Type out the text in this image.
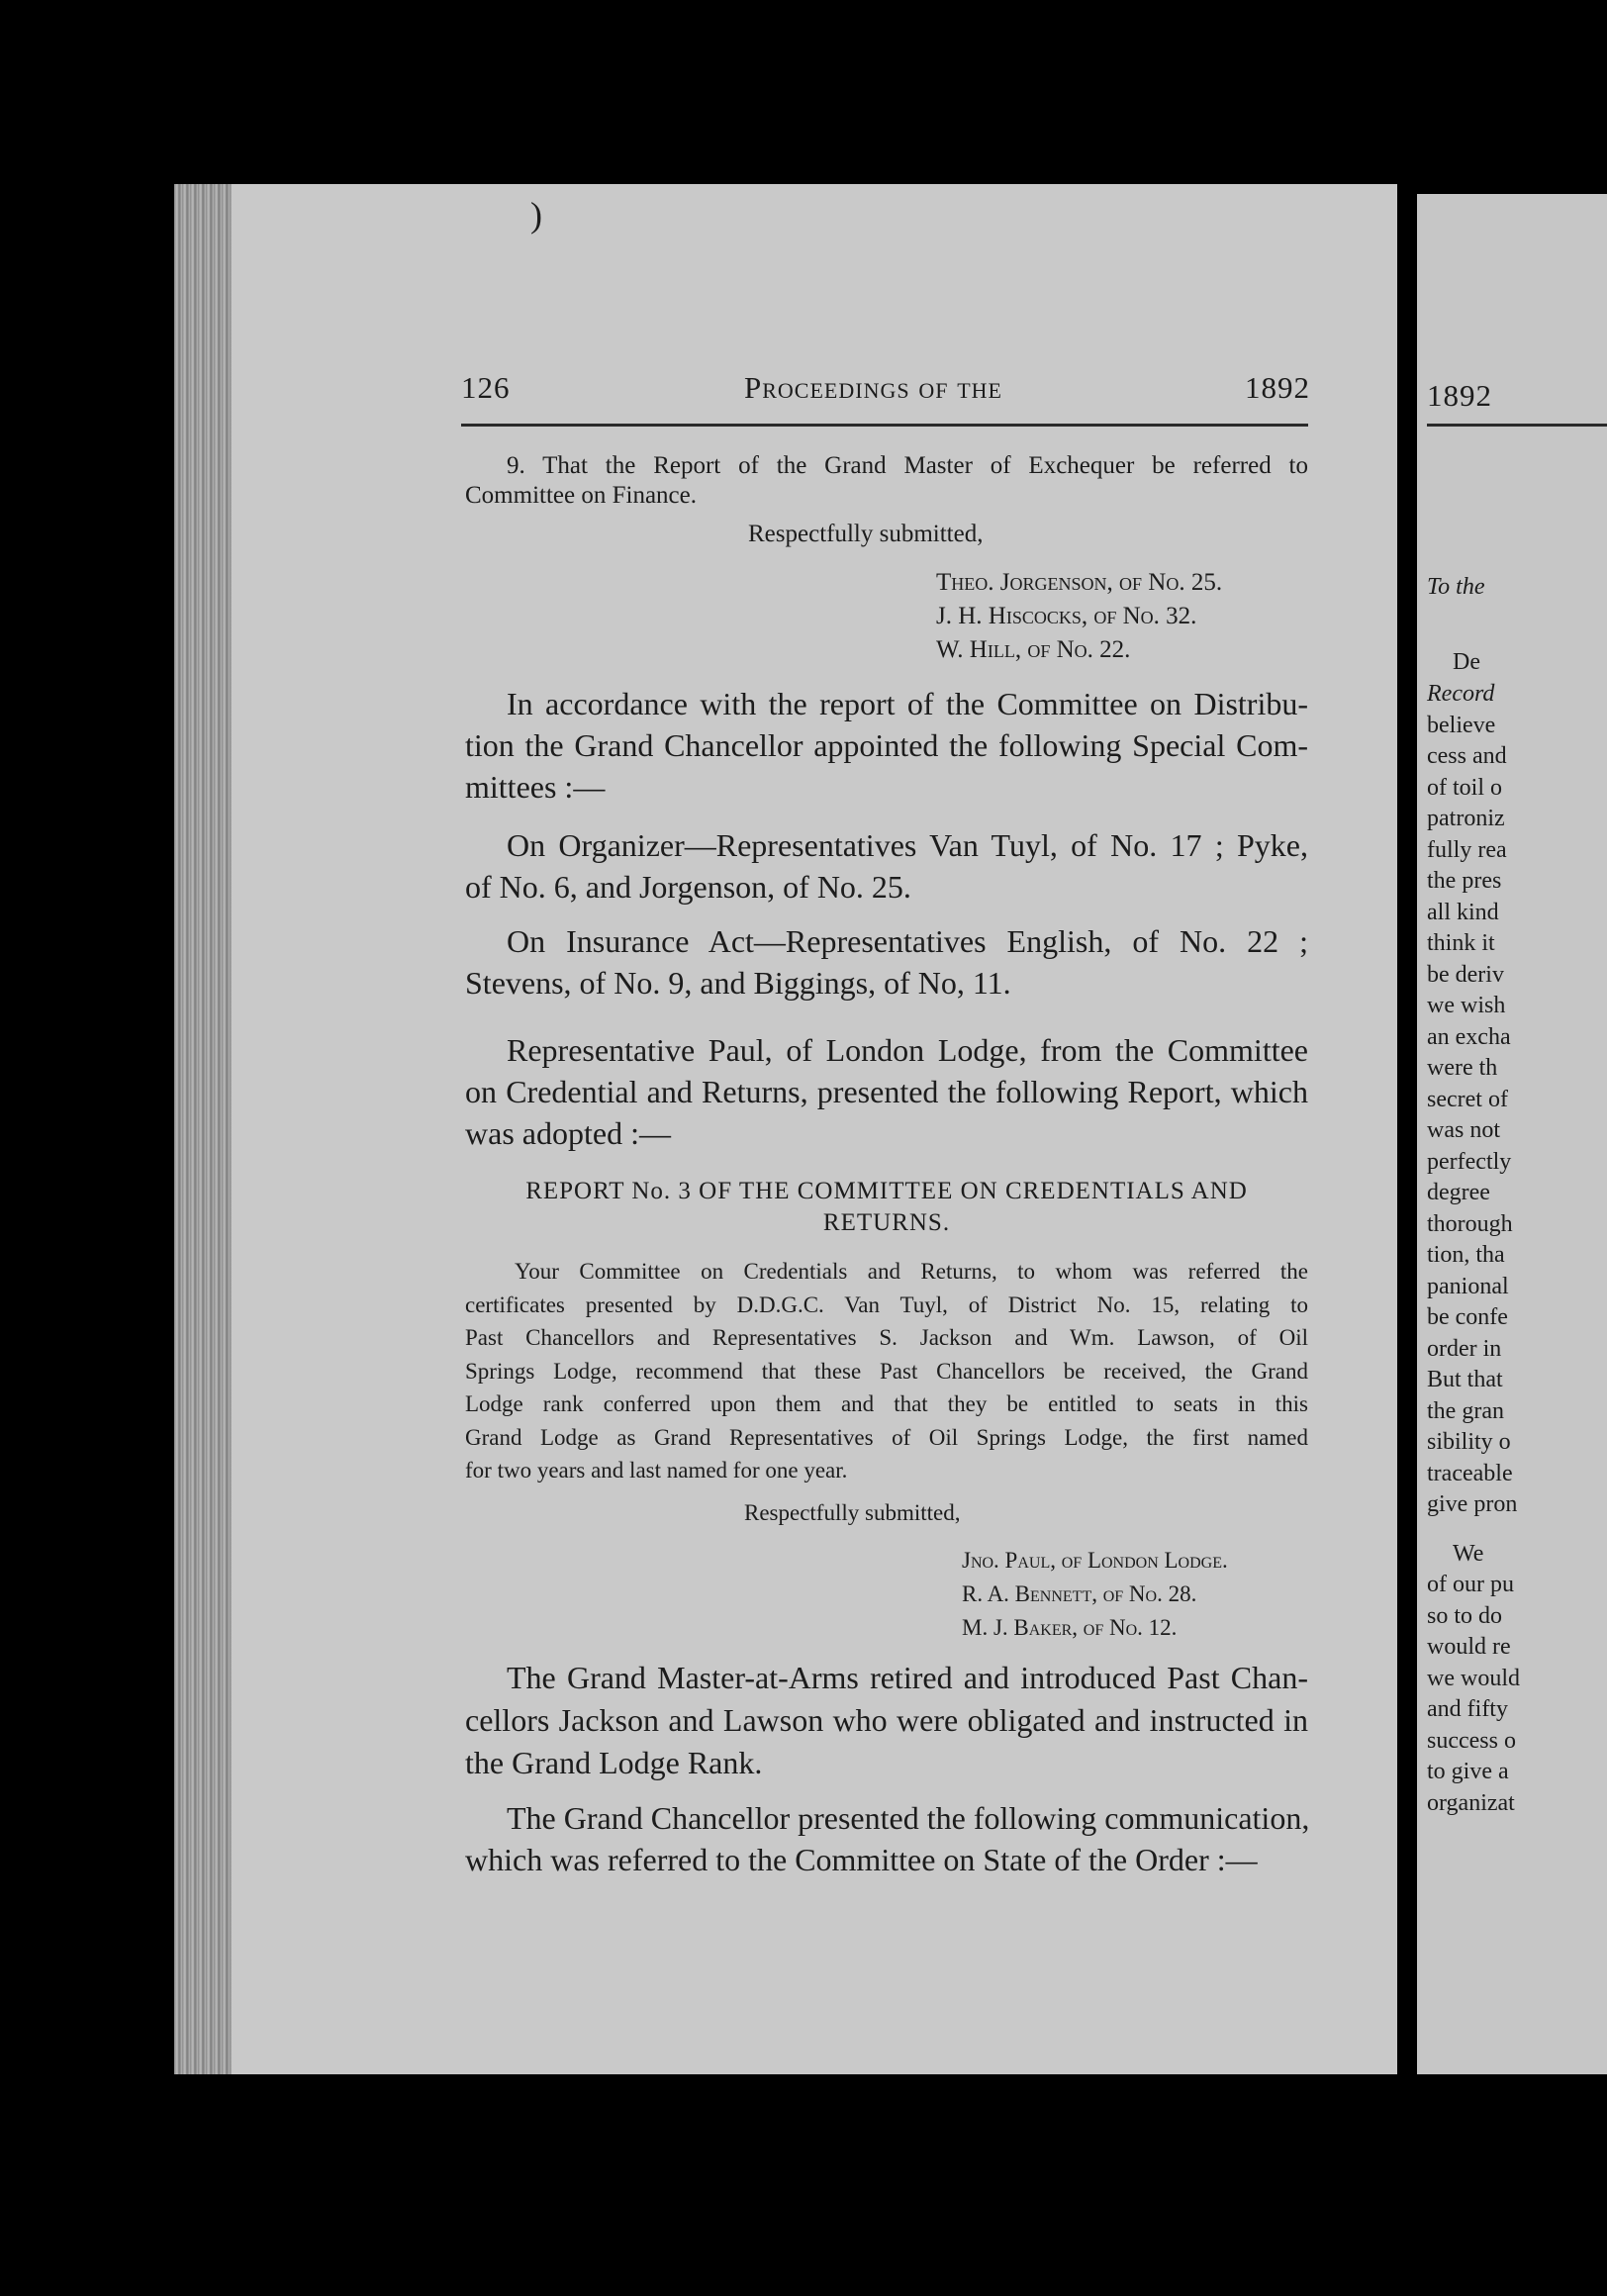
1892
To the
De
Record
believe
cess and
of toil o
patroniz
fully rea
the pres
all kind
think it
be deriv
we wish
an excha
were th
secret of
was not
perfectly
degree
thorough
tion, tha
panional
be confe
order in
But that
the gran
sibility o
traceable
give pron
We
of our pu
so to do
would re
we would
and fifty
success o
to give a
organizat
)
126	Proceedings of the	1892
9. That the Report of the Grand Master of Exchequer be referred to
Committee on Finance.
Respectfully submitted,
Theo. Jorgenson, of No. 25.
J. H. Hiscocks, of No. 32.
W. Hill, of No. 22.
In accordance with the report of the Committee on Distribu-
tion the Grand Chancellor appointed the following Special Com-
mittees :—
On Organizer—Representatives Van Tuyl, of No. 17 ; Pyke,
of No. 6, and Jorgenson, of No. 25.
On Insurance Act—Representatives English, of No. 22 ;
Stevens, of No. 9, and Biggings, of No, 11.
Representative Paul, of London Lodge, from the Committee
on Credential and Returns, presented the following Report, which
was adopted :—
REPORT No. 3 OF THE COMMITTEE ON CREDENTIALS AND
RETURNS.
Your Committee on Credentials and Returns, to whom was referred the
certificates presented by D.D.G.C. Van Tuyl, of District No. 15, relating to
Past Chancellors and Representatives S. Jackson and Wm. Lawson, of Oil
Springs Lodge, recommend that these Past Chancellors be received, the Grand
Lodge rank conferred upon them and that they be entitled to seats in this
Grand Lodge as Grand Representatives of Oil Springs Lodge, the first named
for two years and last named for one year.
Respectfully submitted,
Jno. Paul, of London Lodge.
R. A. Bennett, of No. 28.
M. J. Baker, of No. 12.
The Grand Master-at-Arms retired and introduced Past Chan-
cellors Jackson and Lawson who were obligated and instructed in
the Grand Lodge Rank.
The Grand Chancellor presented the following communication,
which was referred to the Committee on State of the Order :—
